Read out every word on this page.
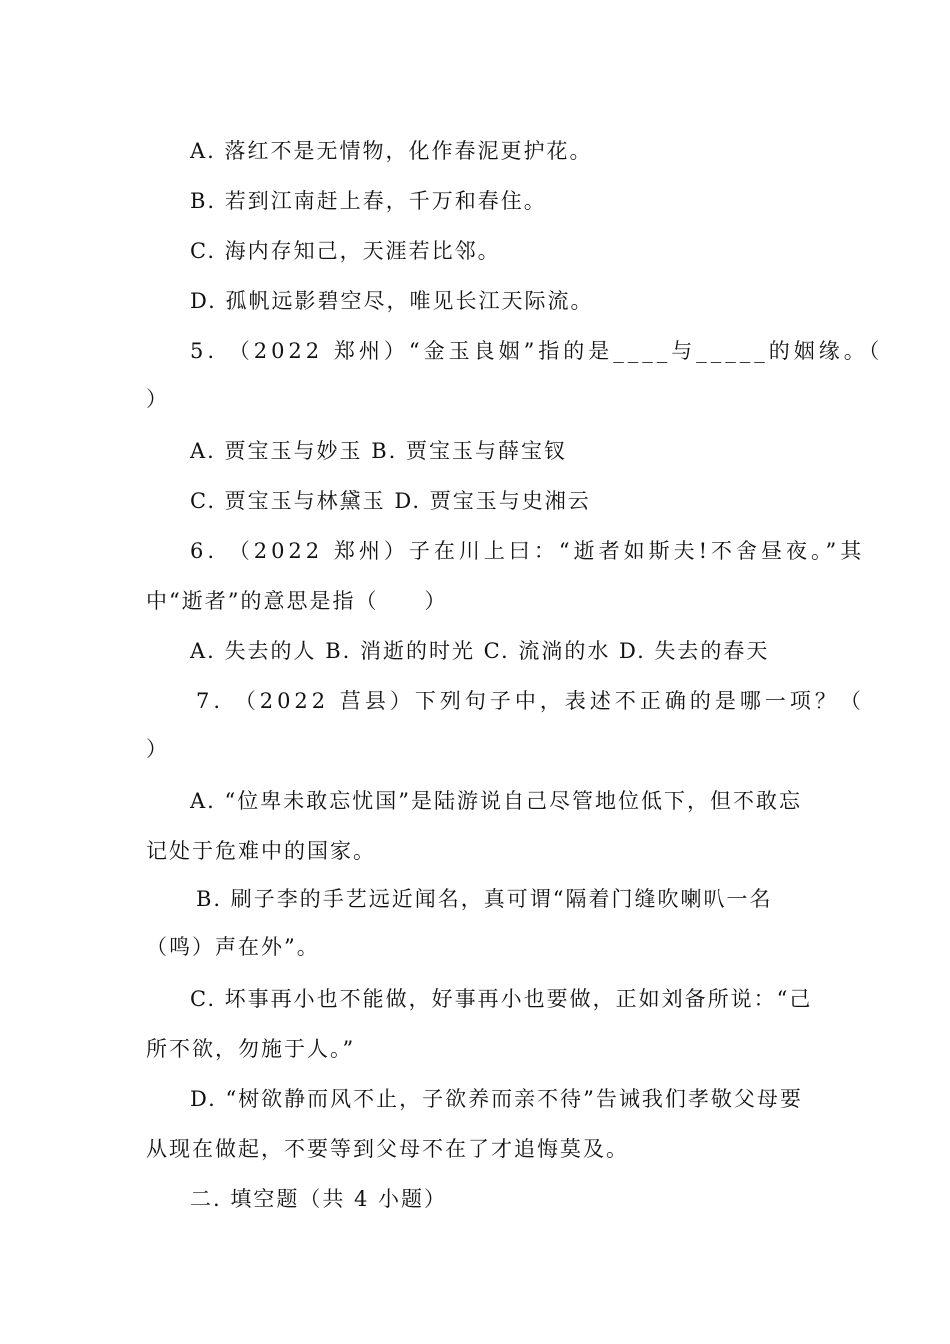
A. 落红不是无情物，化作春泥更护花。
B. 若到江南赶上春，千万和春住。
C. 海内存知己，天涯若比邻。
D. 孤帆远影碧空尽，唯见长江天际流。
5. （2022 郑州）“金玉良姻”指的是____与_____的姻缘。（
）
A. 贾宝玉与妙玉 B. 贾宝玉与薛宝钗
C. 贾宝玉与林黛玉 D. 贾宝玉与史湘云
6. （2022 郑州）子在川上曰：“逝者如斯夫!不舍昼夜。”其
中“逝者”的意思是指（　　）
A. 失去的人 B. 消逝的时光 C. 流淌的水 D. 失去的春天
7. （2022 莒县）下列句子中，表述不正确的是哪一项？（
）
A. “位卑未敢忘忧国”是陆游说自己尽管地位低下，但不敢忘
记处于危难中的国家。
B. 刷子李的手艺远近闻名，真可谓“隔着门缝吹喇叭一名
（鸣）声在外”。
C. 坏事再小也不能做，好事再小也要做，正如刘备所说：“己
所不欲，勿施于人。”
D. “树欲静而风不止，子欲养而亲不待”告诫我们孝敬父母要
从现在做起，不要等到父母不在了才追悔莫及。
二. 填空题（共 4 小题）
